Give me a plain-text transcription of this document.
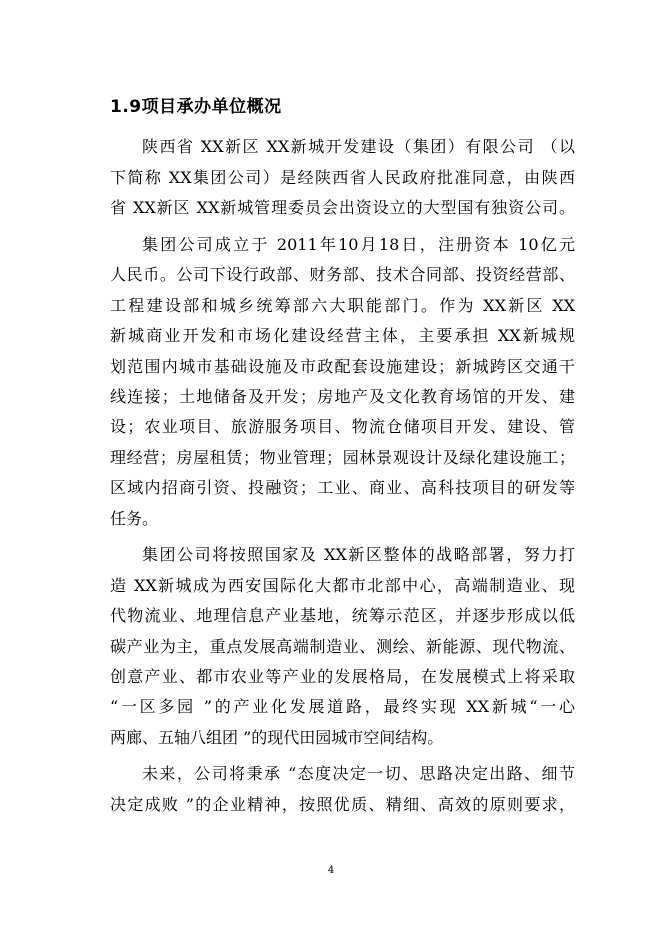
1.9项目承办单位概况
陕西省 XX新区 XX新城开发建设（集团）有限公司 （以
下简称 XX集团公司）是经陕西省人民政府批准同意，由陕西
省 XX新区 XX新城管理委员会出资设立的大型国有独资公司。
集团公司成立于 2011年10月18日，注册资本 10亿元
人民币。公司下设行政部、财务部、技术合同部、投资经营部、
工程建设部和城乡统筹部六大职能部门。作为 XX新区 XX
新城商业开发和市场化建设经营主体，主要承担 XX新城规
划范围内城市基础设施及市政配套设施建设；新城跨区交通干
线连接；土地储备及开发；房地产及文化教育场馆的开发、建
设；农业项目、旅游服务项目、物流仓储项目开发、建设、管
理经营；房屋租赁；物业管理；园林景观设计及绿化建设施工；
区域内招商引资、投融资；工业、商业、高科技项目的研发等
任务。
集团公司将按照国家及 XX新区整体的战略部署，努力打
造 XX新城成为西安国际化大都市北部中心，高端制造业、现
代物流业、地理信息产业基地，统筹示范区，并逐步形成以低
碳产业为主，重点发展高端制造业、测绘、新能源、现代物流、
创意产业、都市农业等产业的发展格局，在发展模式上将采取
“一区多园 ”的产业化发展道路，最终实现 XX新城“一心
两廊、五轴八组团 ”的现代田园城市空间结构。
未来，公司将秉承 “态度决定一切、思路决定出路、细节
决定成败 ”的企业精神，按照优质、精细、高效的原则要求，
4
